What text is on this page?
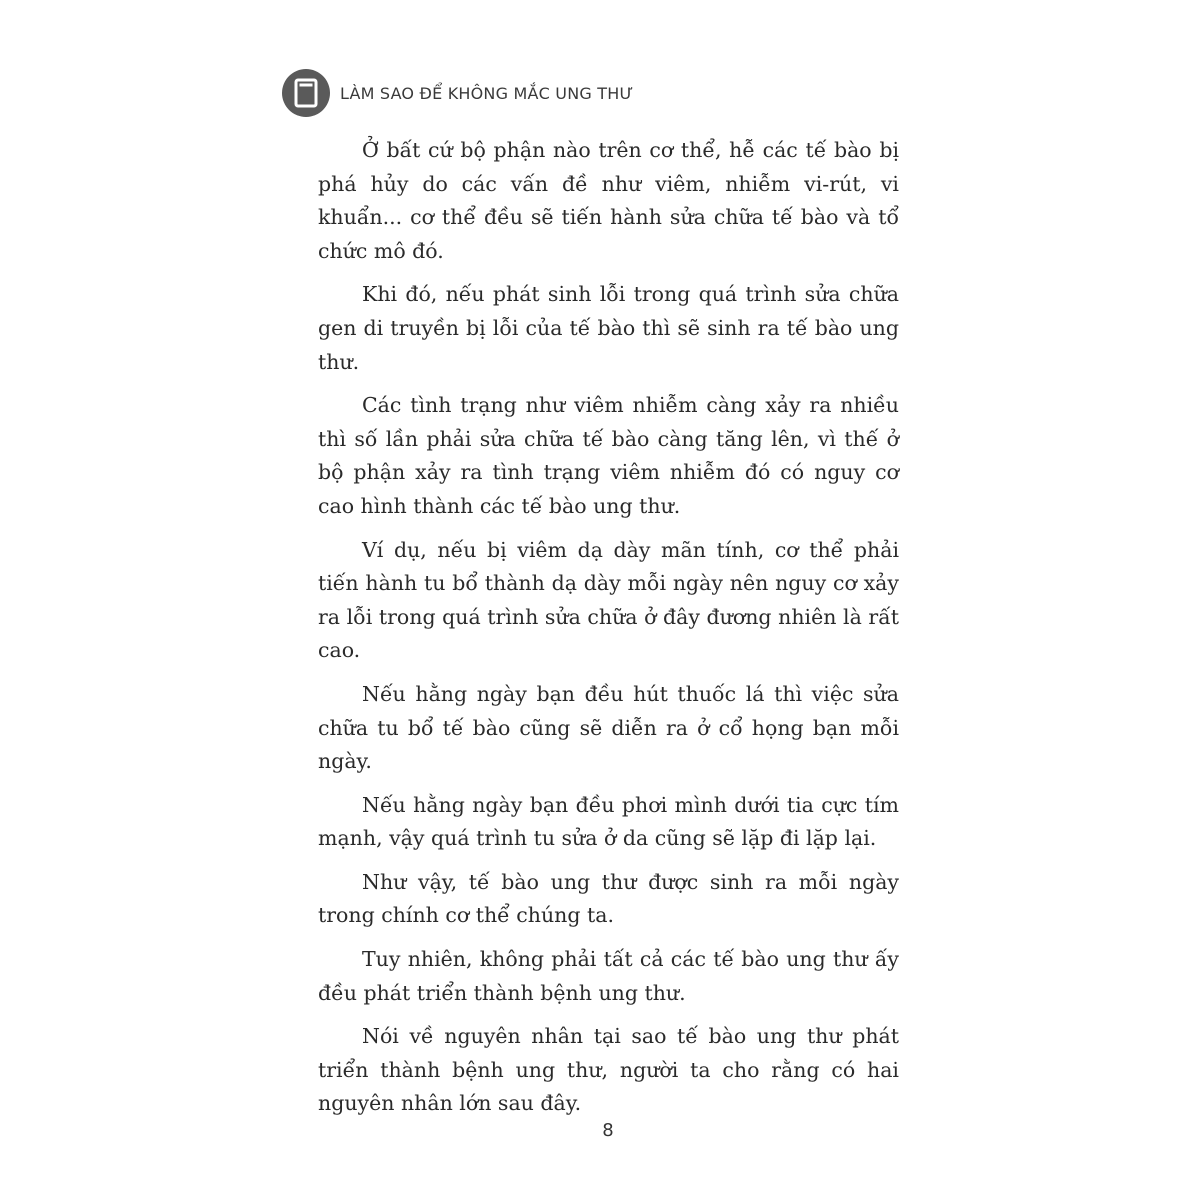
LÀM SAO ĐỂ KHÔNG MẮC UNG THƯ

Ở bất cứ bộ phận nào trên cơ thể, hễ các tế bào bị phá hủy do các vấn đề như viêm, nhiễm vi-rút, vi khuẩn... cơ thể đều sẽ tiến hành sửa chữa tế bào và tổ chức mô đó.

Khi đó, nếu phát sinh lỗi trong quá trình sửa chữa gen di truyền bị lỗi của tế bào thì sẽ sinh ra tế bào ung thư.

Các tình trạng như viêm nhiễm càng xảy ra nhiều thì số lần phải sửa chữa tế bào càng tăng lên, vì thế ở bộ phận xảy ra tình trạng viêm nhiễm đó có nguy cơ cao hình thành các tế bào ung thư.

Ví dụ, nếu bị viêm dạ dày mãn tính, cơ thể phải tiến hành tu bổ thành dạ dày mỗi ngày nên nguy cơ xảy ra lỗi trong quá trình sửa chữa ở đây đương nhiên là rất cao.

Nếu hằng ngày bạn đều hút thuốc lá thì việc sửa chữa tu bổ tế bào cũng sẽ diễn ra ở cổ họng bạn mỗi ngày.

Nếu hằng ngày bạn đều phơi mình dưới tia cực tím mạnh, vậy quá trình tu sửa ở da cũng sẽ lặp đi lặp lại.

Như vậy, tế bào ung thư được sinh ra mỗi ngày trong chính cơ thể chúng ta.

Tuy nhiên, không phải tất cả các tế bào ung thư ấy đều phát triển thành bệnh ung thư.

Nói về nguyên nhân tại sao tế bào ung thư phát triển thành bệnh ung thư, người ta cho rằng có hai nguyên nhân lớn sau đây.

8
